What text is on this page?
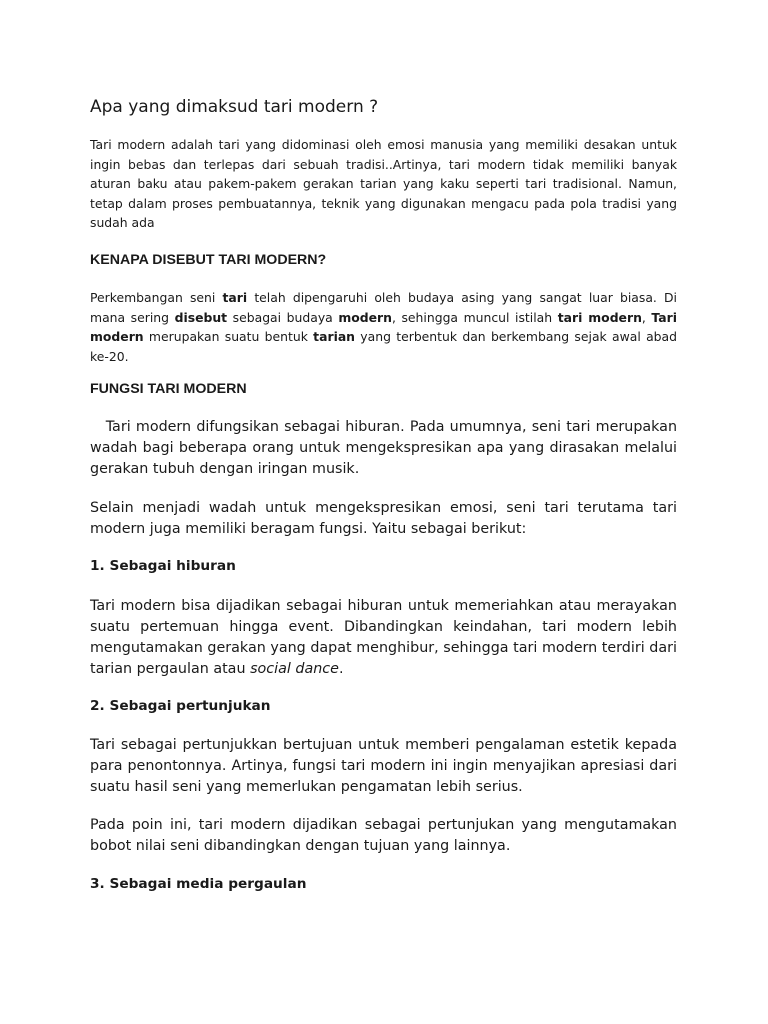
Apa yang dimaksud tari modern ?

Tari modern adalah tari yang didominasi oleh emosi manusia yang memiliki desakan untuk ingin bebas dan terlepas dari sebuah tradisi..Artinya, tari modern tidak memiliki banyak aturan baku atau pakem-pakem gerakan tarian yang kaku seperti tari tradisional. Namun, tetap dalam proses pembuatannya, teknik yang digunakan mengacu pada pola tradisi yang sudah ada

KENAPA DISEBUT TARI MODERN?

Perkembangan seni tari telah dipengaruhi oleh budaya asing yang sangat luar biasa. Di mana sering disebut sebagai budaya modern, sehingga muncul istilah tari modern, Tari modern merupakan suatu bentuk tarian yang terbentuk dan berkembang sejak awal abad ke-20.

FUNGSI TARI MODERN

Tari modern difungsikan sebagai hiburan. Pada umumnya, seni tari merupakan wadah bagi beberapa orang untuk mengekspresikan apa yang dirasakan melalui gerakan tubuh dengan iringan musik.

Selain menjadi wadah untuk mengekspresikan emosi, seni tari terutama tari modern juga memiliki beragam fungsi. Yaitu sebagai berikut:

1. Sebagai hiburan

Tari modern bisa dijadikan sebagai hiburan untuk memeriahkan atau merayakan suatu pertemuan hingga event. Dibandingkan keindahan, tari modern lebih mengutamakan gerakan yang dapat menghibur, sehingga tari modern terdiri dari tarian pergaulan atau social dance.

2. Sebagai pertunjukan

Tari sebagai pertunjukkan bertujuan untuk memberi pengalaman estetik kepada para penontonnya. Artinya, fungsi tari modern ini ingin menyajikan apresiasi dari suatu hasil seni yang memerlukan pengamatan lebih serius.

Pada poin ini, tari modern dijadikan sebagai pertunjukan yang mengutamakan bobot nilai seni dibandingkan dengan tujuan yang lainnya.

3. Sebagai media pergaulan
